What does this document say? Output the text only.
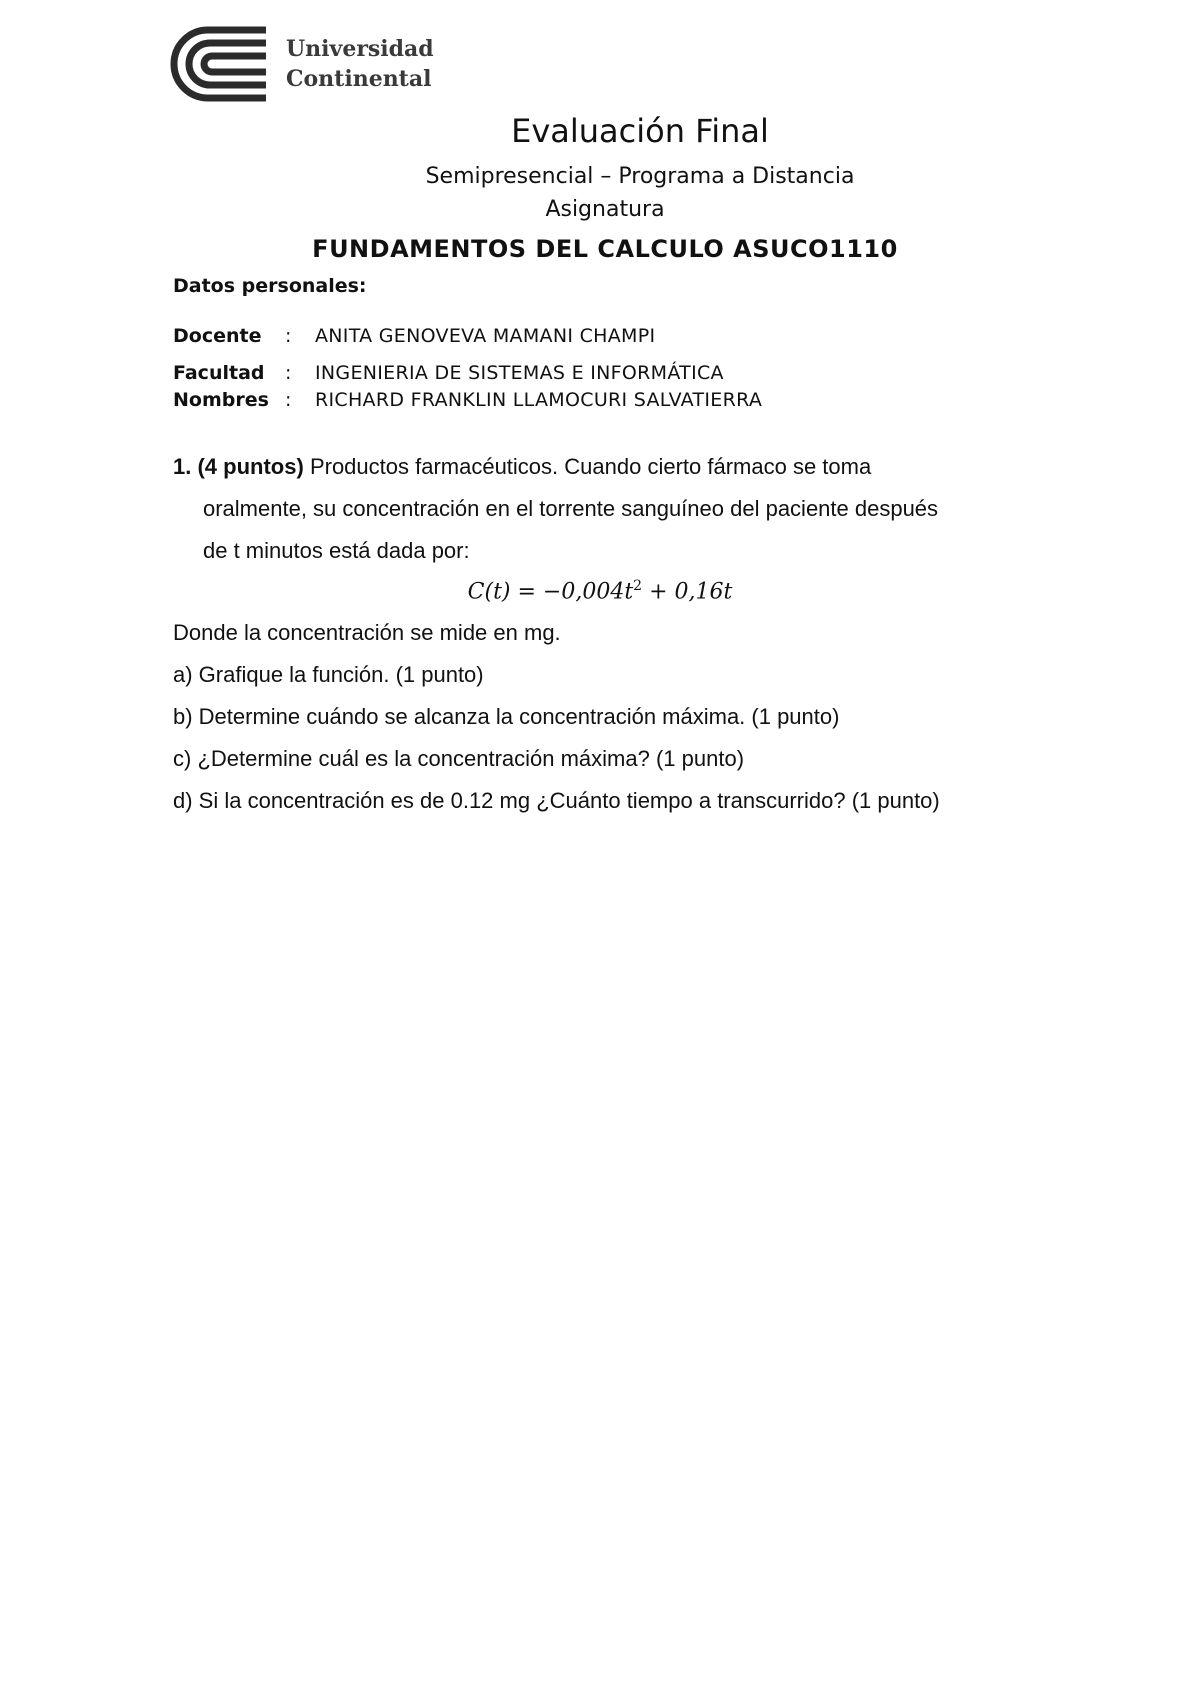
Universidad
Continental
Evaluación Final
Semipresencial – Programa a Distancia
Asignatura
FUNDAMENTOS DEL CALCULO ASUCO1110
Datos personales:
Docente : ANITA GENOVEVA MAMANI CHAMPI
Facultad : INGENIERIA DE SISTEMAS E INFORMÁTICA
Nombres : RICHARD FRANKLIN LLAMOCURI SALVATIERRA
1. (4 puntos) Productos farmacéuticos. Cuando cierto fármaco se toma
oralmente, su concentración en el torrente sanguíneo del paciente después
de t minutos está dada por:
$C(t) = -0,004t^2 + 0,16t$
Donde la concentración se mide en mg.
a) Grafique la función. (1 punto)
b) Determine cuándo se alcanza la concentración máxima. (1 punto)
c) ¿Determine cuál es la concentración máxima? (1 punto)
d) Si la concentración es de 0.12 mg ¿Cuánto tiempo a transcurrido? (1 punto)
